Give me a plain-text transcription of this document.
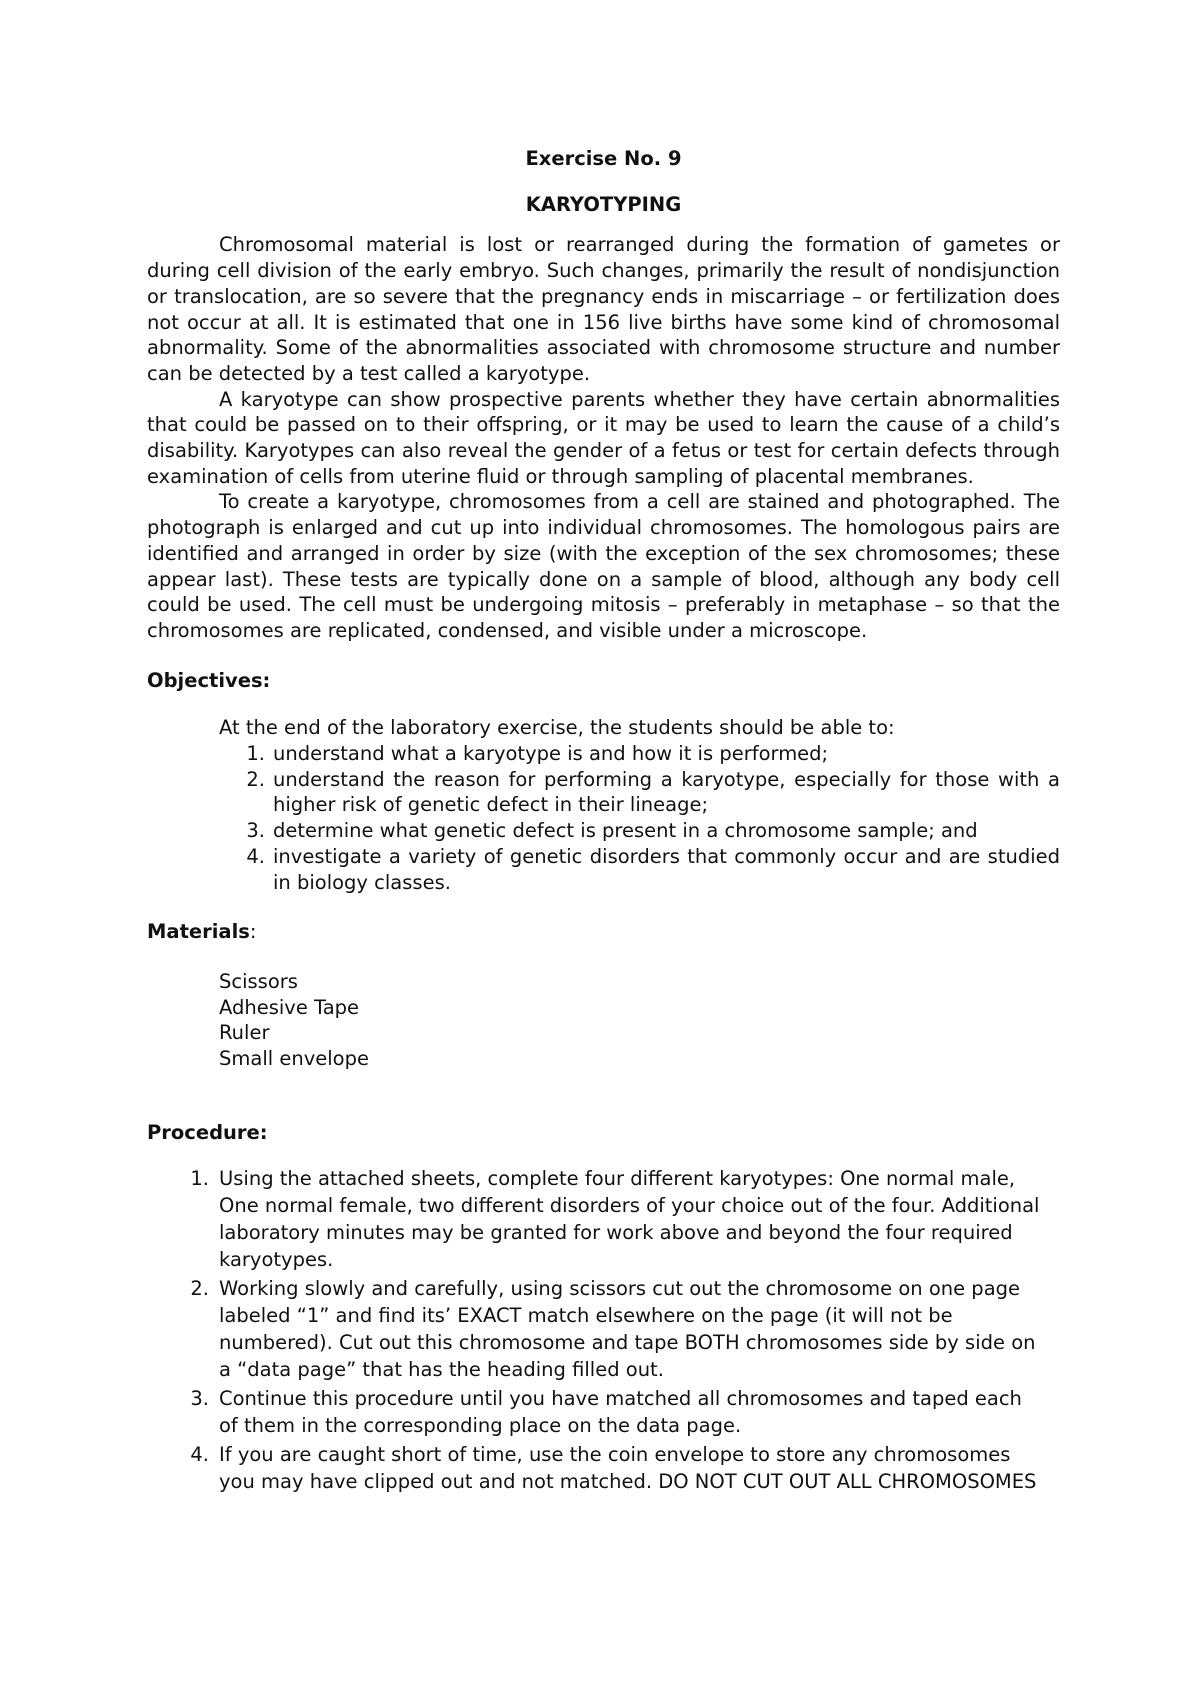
Exercise No. 9

KARYOTYPING

Chromosomal material is lost or rearranged during the formation of gametes or during cell division of the early embryo. Such changes, primarily the result of nondisjunction or translocation, are so severe that the pregnancy ends in miscarriage – or fertilization does not occur at all. It is estimated that one in 156 live births have some kind of chromosomal abnormality. Some of the abnormalities associated with chromosome structure and number can be detected by a test called a karyotype.

A karyotype can show prospective parents whether they have certain abnormalities that could be passed on to their offspring, or it may be used to learn the cause of a child’s disability. Karyotypes can also reveal the gender of a fetus or test for certain defects through examination of cells from uterine fluid or through sampling of placental membranes.

To create a karyotype, chromosomes from a cell are stained and photographed. The photograph is enlarged and cut up into individual chromosomes. The homologous pairs are identified and arranged in order by size (with the exception of the sex chromosomes; these appear last). These tests are typically done on a sample of blood, although any body cell could be used. The cell must be undergoing mitosis – preferably in metaphase – so that the chromosomes are replicated, condensed, and visible under a microscope.

Objectives:

At the end of the laboratory exercise, the students should be able to:

1. understand what a karyotype is and how it is performed;
2. understand the reason for performing a karyotype, especially for those with a higher risk of genetic defect in their lineage;
3. determine what genetic defect is present in a chromosome sample; and
4. investigate a variety of genetic disorders that commonly occur and are studied in biology classes.

Materials:

Scissors
Adhesive Tape
Ruler
Small envelope

Procedure:

1. Using the attached sheets, complete four different karyotypes: One normal male, One normal female, two different disorders of your choice out of the four. Additional laboratory minutes may be granted for work above and beyond the four required karyotypes.
2. Working slowly and carefully, using scissors cut out the chromosome on one page labeled “1” and find its’ EXACT match elsewhere on the page (it will not be numbered). Cut out this chromosome and tape BOTH chromosomes side by side on a “data page” that has the heading filled out.
3. Continue this procedure until you have matched all chromosomes and taped each of them in the corresponding place on the data page.
4. If you are caught short of time, use the coin envelope to store any chromosomes you may have clipped out and not matched. DO NOT CUT OUT ALL CHROMOSOMES
